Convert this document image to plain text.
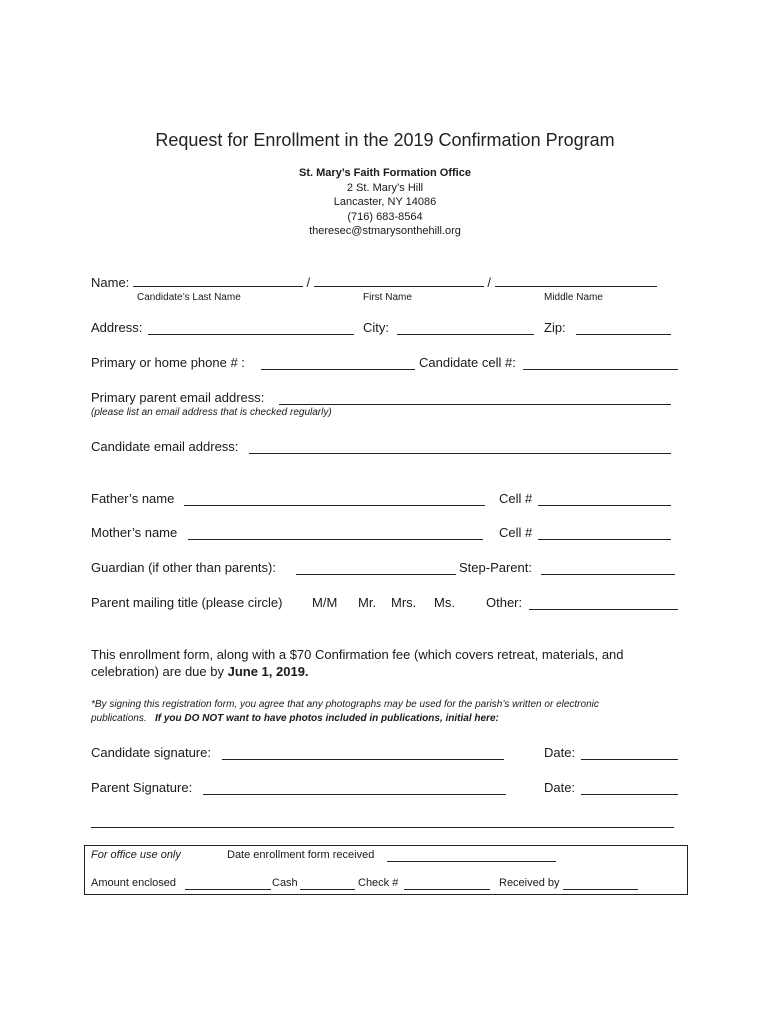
Request for Enrollment in the 2019 Confirmation Program
St. Mary’s Faith Formation Office
2 St. Mary’s Hill
Lancaster, NY 14086
(716) 683-8564
theresec@stmarysonthehill.org
Name:	/	/
Candidate’s Last Name	First Name	Middle Name
Address:	City:	Zip:
Primary or home phone # :	Candidate cell #:
Primary parent email address:
(please list an email address that is checked regularly)
Candidate email address:
Father’s name	Cell #
Mother’s name	Cell #
Guardian (if other than parents):	Step-Parent:
Parent mailing title (please circle) M/M Mr. Mrs. Ms. Other:
This enrollment form, along with a $70 Confirmation fee (which covers retreat, materials, and
celebration) are due by June 1, 2019.
*By signing this registration form, you agree that any photographs may be used for the parish’s written or electronic
publications. If you DO NOT want to have photos included in publications, initial here:
Candidate signature:	Date:
Parent Signature:	Date:
For office use only	Date enrollment form received
Amount enclosed	Cash	Check #	Received by
